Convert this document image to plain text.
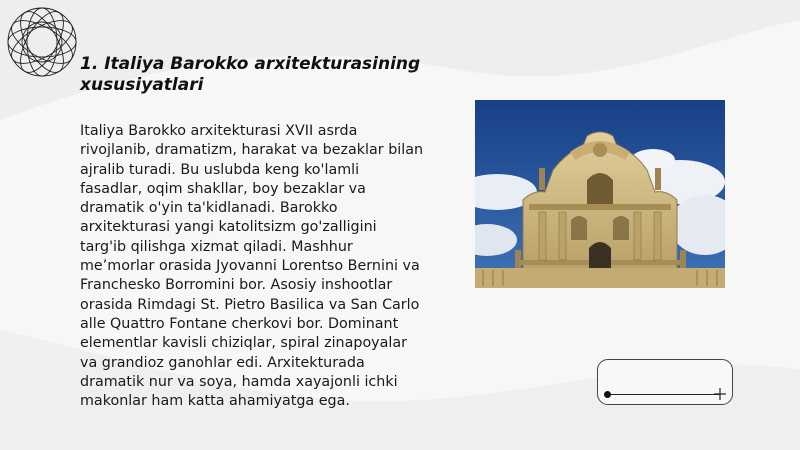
1. Italiya Barokko arxitekturasining xususiyatlari

Italiya Barokko arxitekturasi XVII asrda rivojlanib, dramatizm, harakat va bezaklar bilan ajralib turadi. Bu uslubda keng ko'lamli fasadlar, oqim shakllar, boy bezaklar va dramatik o'yin ta'kidlanadi. Barokko arxitekturasi yangi katolitsizm go'zalligini targ'ib qilishga xizmat qiladi. Mashhur me’morlar orasida Jyovanni Lorentso Bernini va Franchesko Borromini bor. Asosiy inshootlar orasida Rimdagi St. Pietro Basilica va San Carlo alle Quattro Fontane cherkovi bor. Dominant elementlar kavisli chiziqlar, spiral zinapoyalar va grandioz ganohlar edi. Arxitekturada dramatik nur va soya, hamda xayajonli ichki makonlar ham katta ahamiyatga ega.
